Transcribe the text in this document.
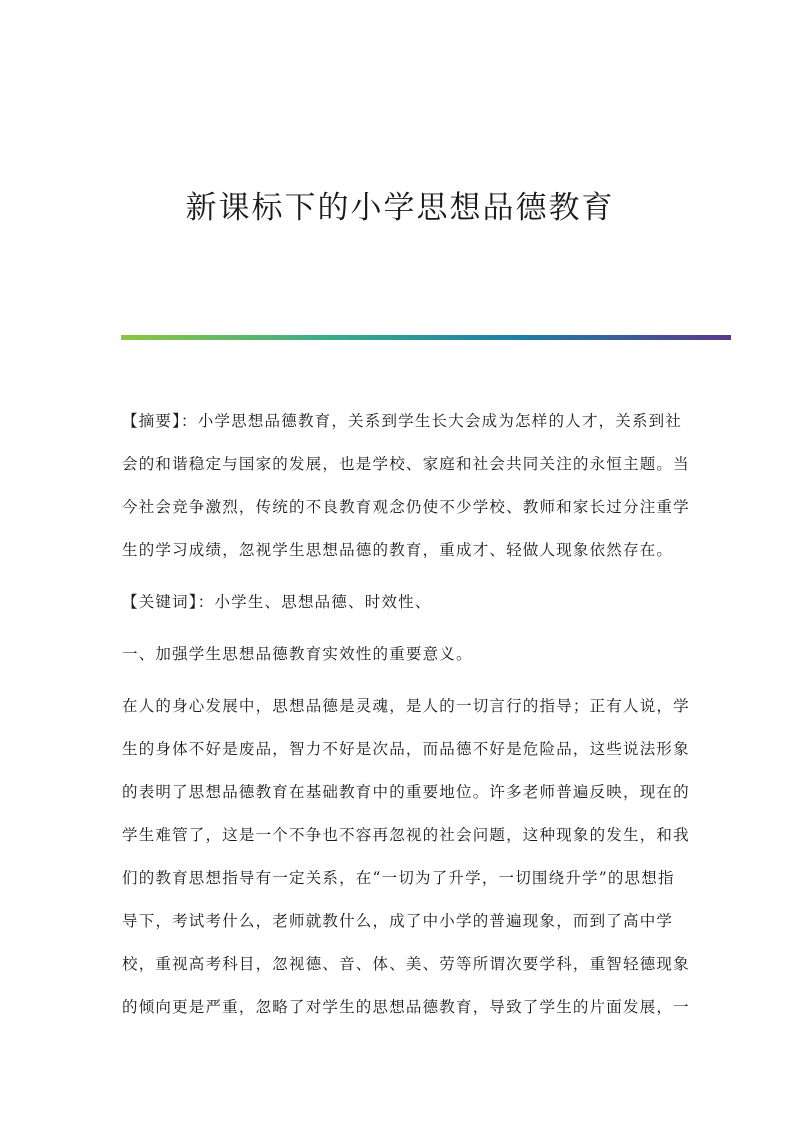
新课标下的小学思想品德教育

【摘要】：小学思想品德教育，关系到学生长大会成为怎样的人才，关系到社
会的和谐稳定与国家的发展，也是学校、家庭和社会共同关注的永恒主题。当
今社会竞争激烈，传统的不良教育观念仍使不少学校、教师和家长过分注重学
生的学习成绩，忽视学生思想品德的教育，重成才、轻做人现象依然存在。

【关键词】：小学生、思想品德、时效性、

一、加强学生思想品德教育实效性的重要意义。

在人的身心发展中，思想品德是灵魂，是人的一切言行的指导；正有人说，学
生的身体不好是废品，智力不好是次品，而品德不好是危险品，这些说法形象
的表明了思想品德教育在基础教育中的重要地位。许多老师普遍反映，现在的
学生难管了，这是一个不争也不容再忽视的社会问题，这种现象的发生，和我
们的教育思想指导有一定关系，在“一切为了升学，一切围绕升学”的思想指
导下，考试考什么，老师就教什么，成了中小学的普遍现象，而到了高中学
校，重视高考科目，忽视德、音、体、美、劳等所谓次要学科，重智轻德现象
的倾向更是严重，忽略了对学生的思想品德教育，导致了学生的片面发展，一
